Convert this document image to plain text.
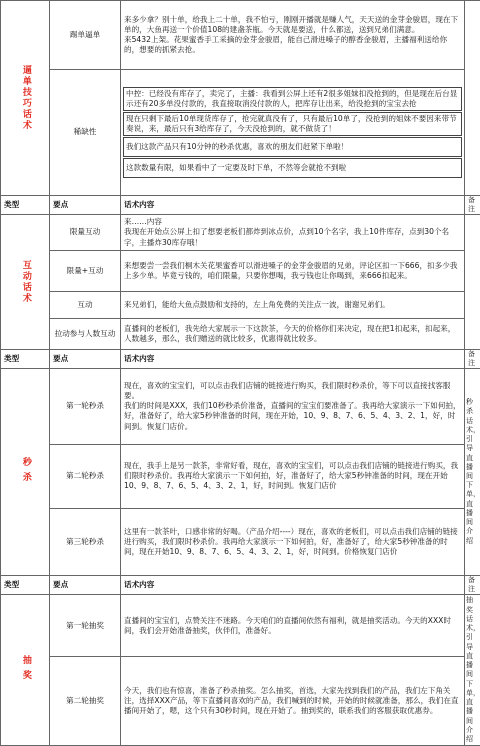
逼单技巧话术	踢单逼单	来多少拿？别十单，给我上二十单，我不怕亏，刚刚开播就是赚人气，天天送的金芽金骏眉，现在下单的，大鱼再送一个价值108的建盏茶瓶。今天就是要送，什么都送，送到兄弟们满意。
来5432上架。花果蜜香手工采摘的金芽金骏眉，能自己滑进嗓子的醇香金骏眉，主播福利送给你的，想要的抓紧去抢。	

	稀缺性	中控：已经没有库存了，卖完了，主播：我看到公屏上还有2很多姐妹扣没抢到的，但是现在后台显示还有20多单没付款的，我直接取消没付款的人，把库存让出来，给没抢到的宝宝去抢
现在只剩下最后10单现货库存了，抢完就真没有了，只有最后10单了，没抢到的姐妹不要因来带节奏说，来，最后只有3给库存了，今天没抢到的，就不做货了！
我们这款产品只有10分钟的秒杀优惠，喜欢的朋友们赶紧下单啦！
这款数量有限，如果看中了一定要及时下单，不然等会就抢不到啦	

类型	要点	话术内容	备注
互动话术	限量互动	来……内容
我现在开始点公屏上扣了想要老板们都炸到冰点价，点到10个名字，我上10件库存，点到30个名字，主播炸30库存哦！	

	限量+互动	来想要尝一尝我们桐木关花果蜜香可以滑进嗓子的金芽金骏眉的兄弟，评论区扣一下666，扣多少我上多少单。毕竟亏钱的，咱们限量，只要你想喝，我亏钱也让你喝到，来666扣起来。	
	互动	来兄弟们，能给大鱼点鼓励和支持的，左上角免费的关注点一波，谢谢兄弟们。	
	拉动参与人数互动	直播间的老板们，我先给大家展示一下这款茶，今天的价格你们来决定，现在把1扣起来，扣起来，人数越多，那么，我们赠送的就比较多，优惠得就比较多。	
类型	要点	话术内容	备注
秒杀	第一轮秒杀	现在，喜欢的宝宝们，可以点击我们店铺的链接进行购买，我们限时秒杀价，等下可以直接找客服要。
我们的时间是XXX，我们10秒秒杀价准备，直播间的宝宝们要准备了。我再给大家演示一下如何拍，好，准备好了，给大家5秒钟准备的时间，现在开始，10、9、8、7、6、5、4、3、2、1，好，时间到。恢复门店价。	秒杀话术，引导直播间下单，直播间介绍
	第二轮秒杀	现在，我手上是另一款茶，非常好看，现在，喜欢的宝宝们，可以点击我们店铺的链接进行购买，我们限时秒杀价。我再给大家演示一下如何拍，好，准备好了，给大家5秒钟准备的时间，现在开始10、9、8、7、6、5、4、3、2、1，好，时间到。恢复门店价	
	第三轮秒杀	这里有一款茶叶，口感非常的好喝。（产品介绍----）现在，喜欢的老板们，可以点击我们店铺的链接进行购买，我们限时秒杀价。我再给大家演示一下如何拍，好，准备好了，给大家5秒钟准备的时间，现在开始10、9、8、7、6、5、4、3、2、1，好，时间到。价格恢复门店价	
类型	要点	话术内容	备注
抽奖	第一轮抽奖	直播间的宝宝们，点赞关注不迷路。今天咱们的直播间依然有福利，就是抽奖活动。今天的XXX时间，我们会开始准备抽奖，伙伴们，准备好。	抽奖话术，引导直播间下单，直播间介绍
	第二轮抽奖	今天，我们也有惊喜，准备了秒杀抽奖。怎么抽奖，首选，大家先找到我们的产品，我们左下角关注，选择XXX产品，等下直播间喜欢的产品，我们喊到的时候，开始的时候就准备，那么，我们在直播间开始了，嗯，这个只有30秒时间，现在开始了。抽到奖的，联系我们的客服获取优惠券。	
